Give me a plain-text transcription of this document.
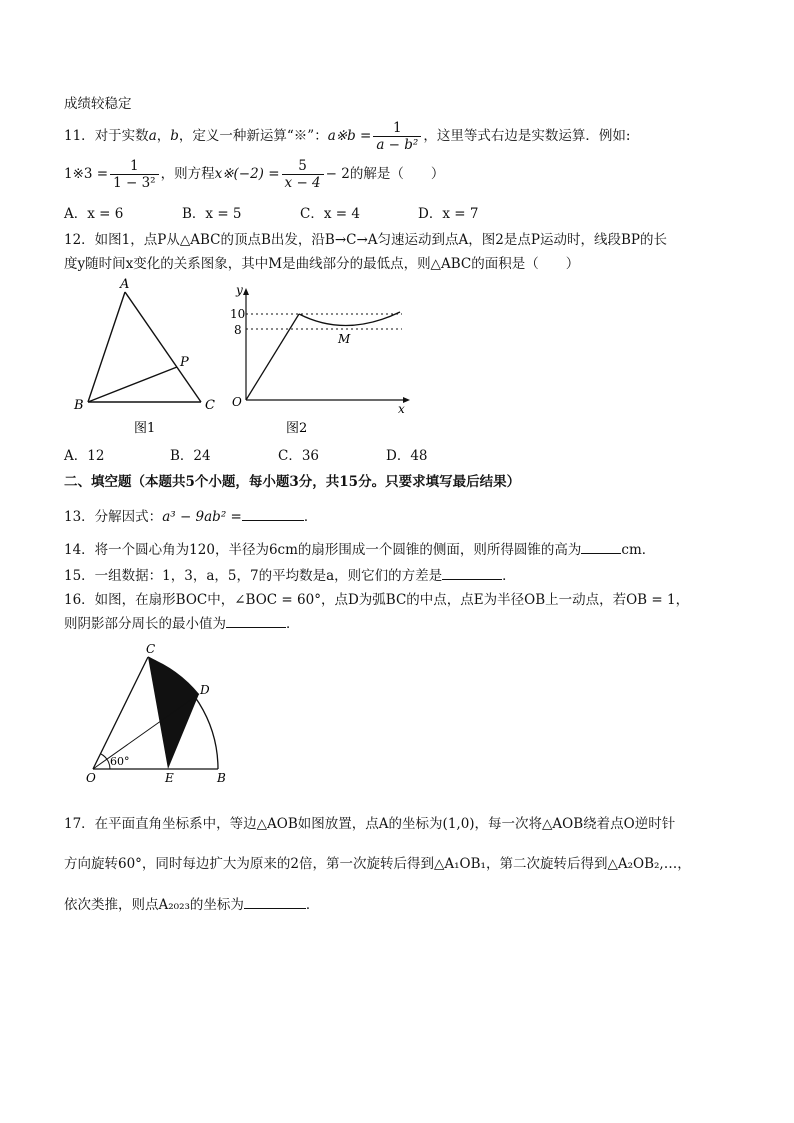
成绩较稳定
11．对于实数a，b，定义一种新运算“※”：a※b = $\frac{1}{\text{a − b²}}$ ，这里等式右边是实数运算．例如:
1※3 = $\frac{1}{\text{1 − 3²}}$ ，则方程x※(−2) = $\frac{5}{x - 4} - 2$的解是（　　）
A．x = 6	B．x = 5	C．x = 4	D．x = 7
12．如图1，点P从△ABC的顶点B出发，沿B→C→A匀速运动到点A，图2是点P运动时，线段BP的长
度y随时间x变化的关系图象，其中M是曲线部分的最低点，则△ABC的面积是（　　）
A
B	C
P
图1
y
x
O
10
8
M
图2
A．12	B．24	C．36	D．48
二、填空题（本题共5个小题，每小题3分，共15分。只要求填写最后结果）
13．分解因式：a³ − 9ab² =	．
14．将一个圆心角为120，半径为6cm的扇形围成一个圆锥的侧面，则所得圆锥的高为	cm．
15．一组数据：1，3，a，5，7的平均数是a，则它们的方差是	．
16．如图，在扇形BOC中，∠BOC = 60°，点D为弧BC的中点，点E为半径OB上一动点，若OB = 1，
则阴影部分周长的最小值为	．
C
D
O	E	B
60°
17．在平面直角坐标系中，等边△AOB如图放置，点A的坐标为(1,0)，每一次将△AOB绕着点O逆时针
方向旋转60°，同时每边扩大为原来的2倍，第一次旋转后得到△A₁OB₁，第二次旋转后得到△A₂OB₂,…，
依次类推，则点A₂₀₂₃的坐标为	．
